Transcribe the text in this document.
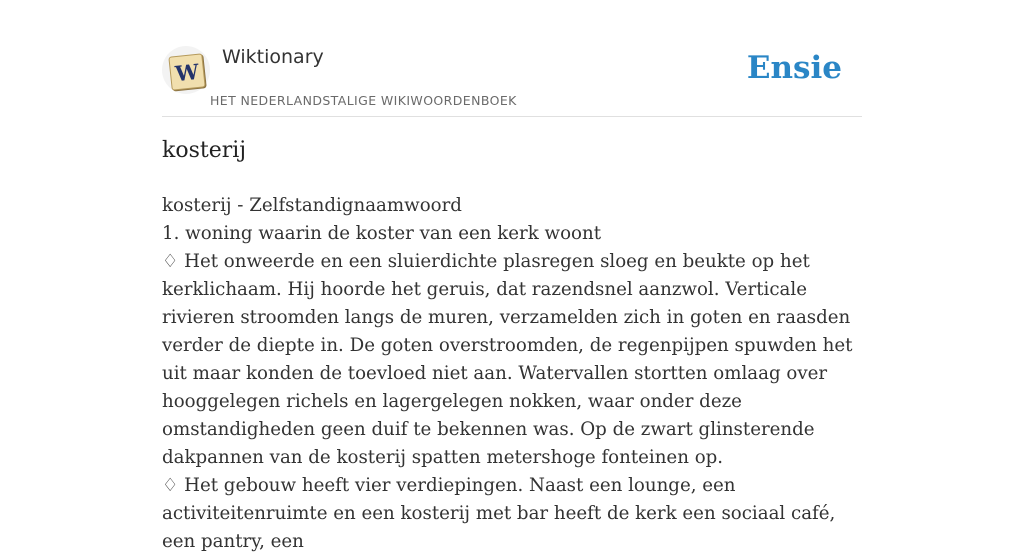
W
Wiktionary
HET NEDERLANDSTALIGE WIKIWOORDENBOEK
Ensie
kosterij

kosterij - Zelfstandignaamwoord

1. woning waarin de koster van een kerk woont

♢ Het onweerde en een sluierdichte plasregen sloeg en beukte op het kerklichaam. Hij hoorde het geruis, dat razendsnel aanzwol. Verticale rivieren stroomden langs de muren, verzamelden zich in goten en raasden verder de diepte in. De goten overstroomden, de regenpijpen spuwden het uit maar konden de toevloed niet aan. Watervallen stortten omlaag over hooggelegen richels en lagergelegen nokken, waar onder deze omstandigheden geen duif te bekennen was. Op de zwart glinsterende dakpannen van de kosterij spatten metershoge fonteinen op.

♢ Het gebouw heeft vier verdiepingen. Naast een lounge, een activiteitenruimte en een kosterij met bar heeft de kerk een sociaal café, een pantry, een
